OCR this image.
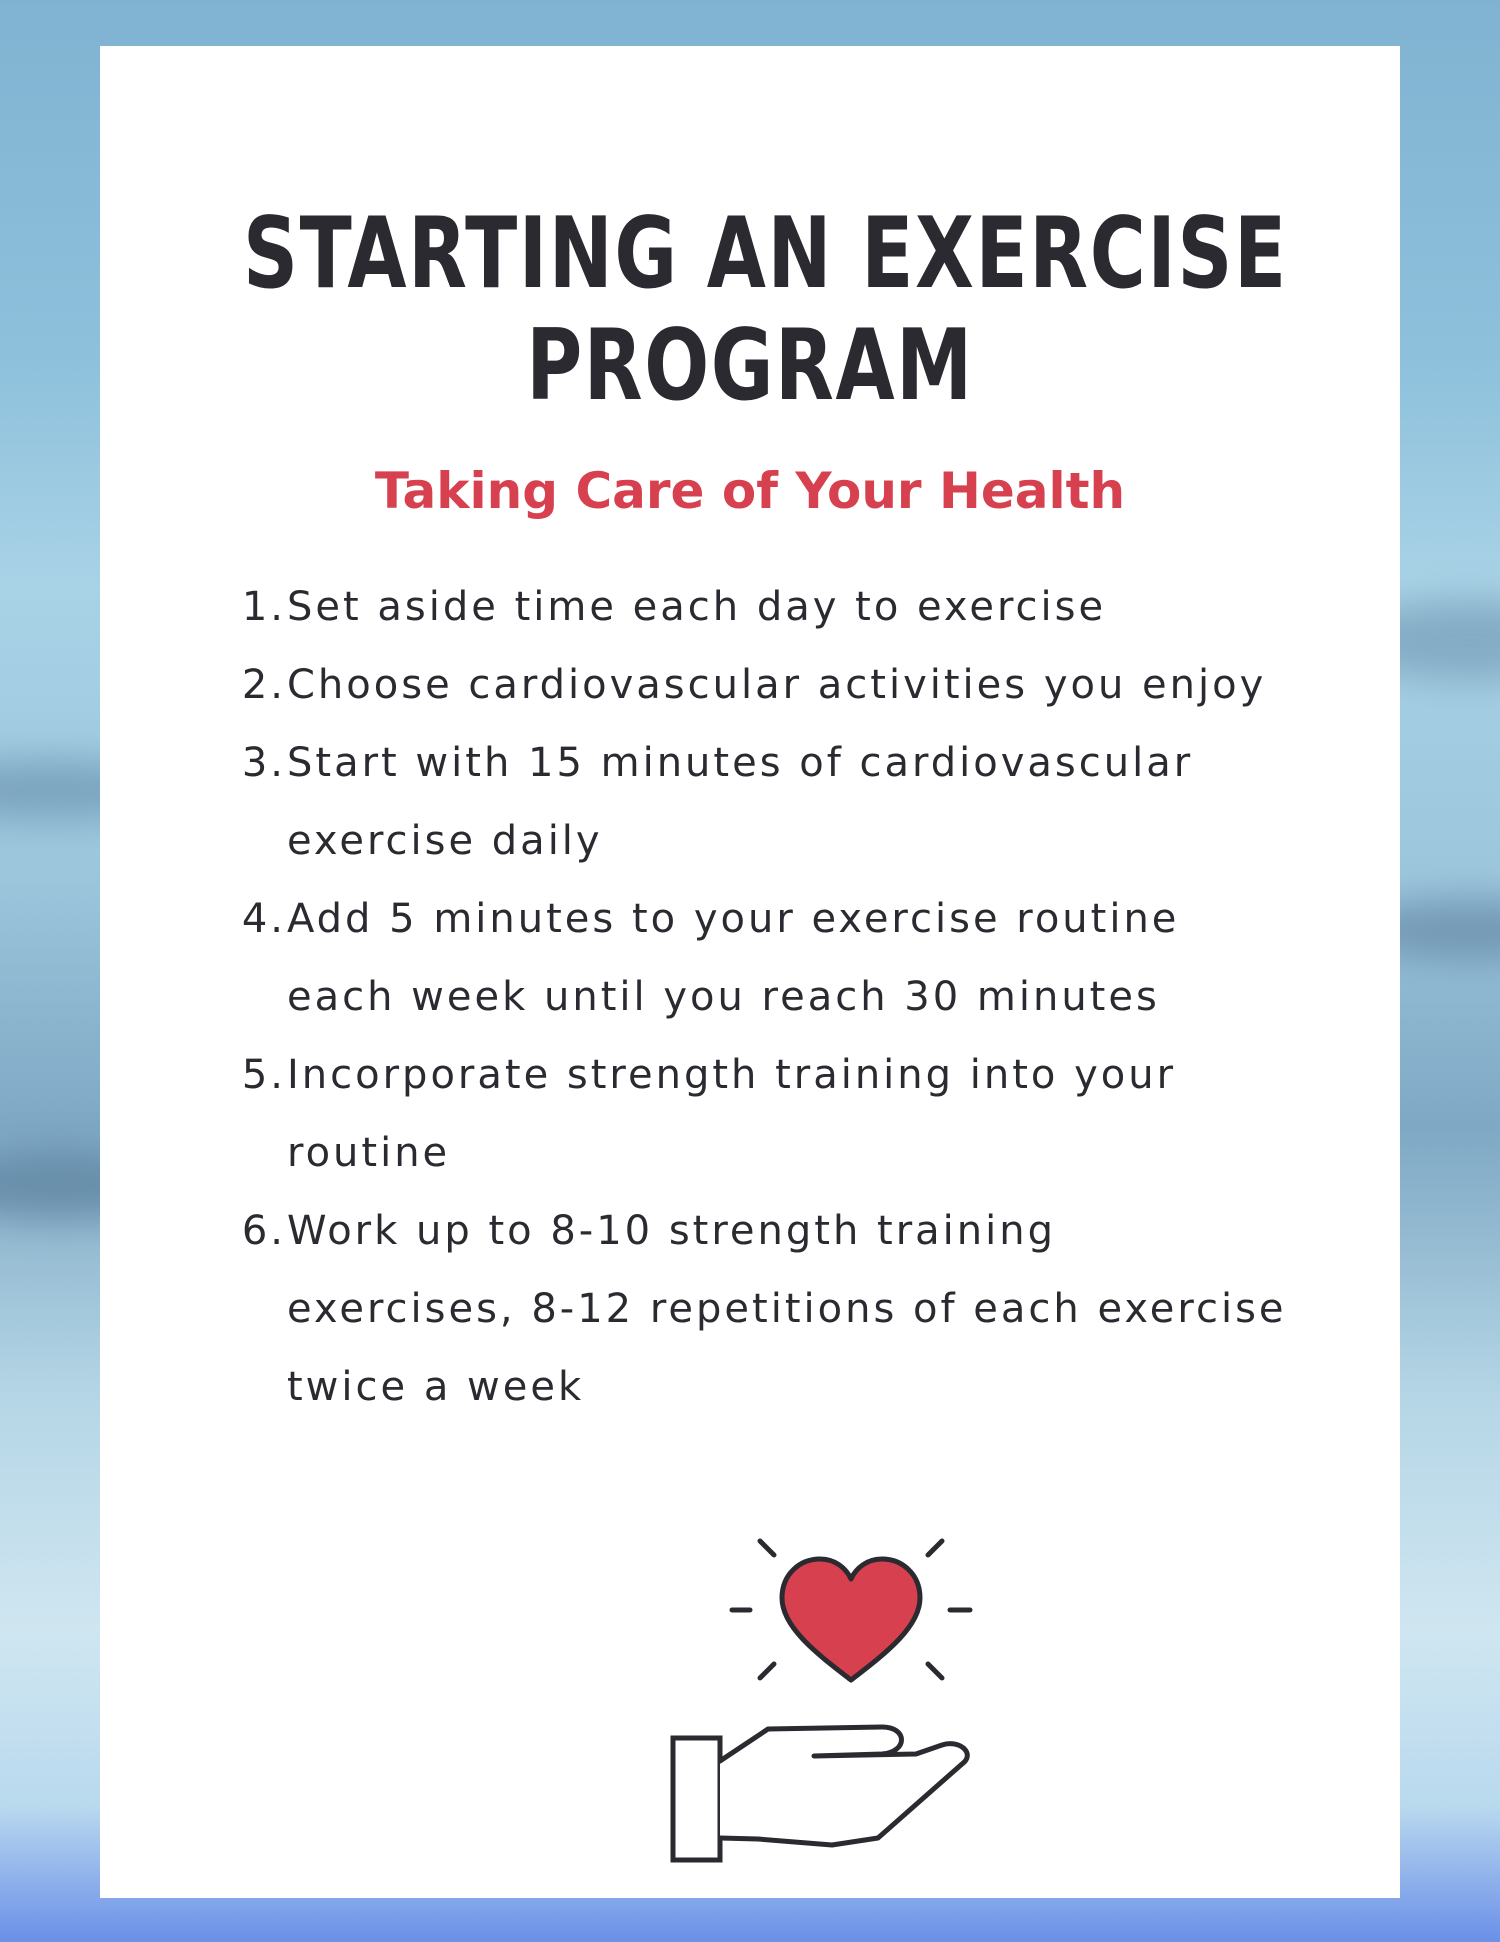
STARTING AN EXERCISE
PROGRAM
Taking Care of Your Health
1. Set aside time each day to exercise
2. Choose cardiovascular activities you enjoy
3. Start with 15 minutes of cardiovascular exercise daily
4. Add 5 minutes to your exercise routine each week until you reach 30 minutes
5. Incorporate strength training into your routine
6. Work up to 8-10 strength training exercises, 8-12 repetitions of each exercise twice a week
